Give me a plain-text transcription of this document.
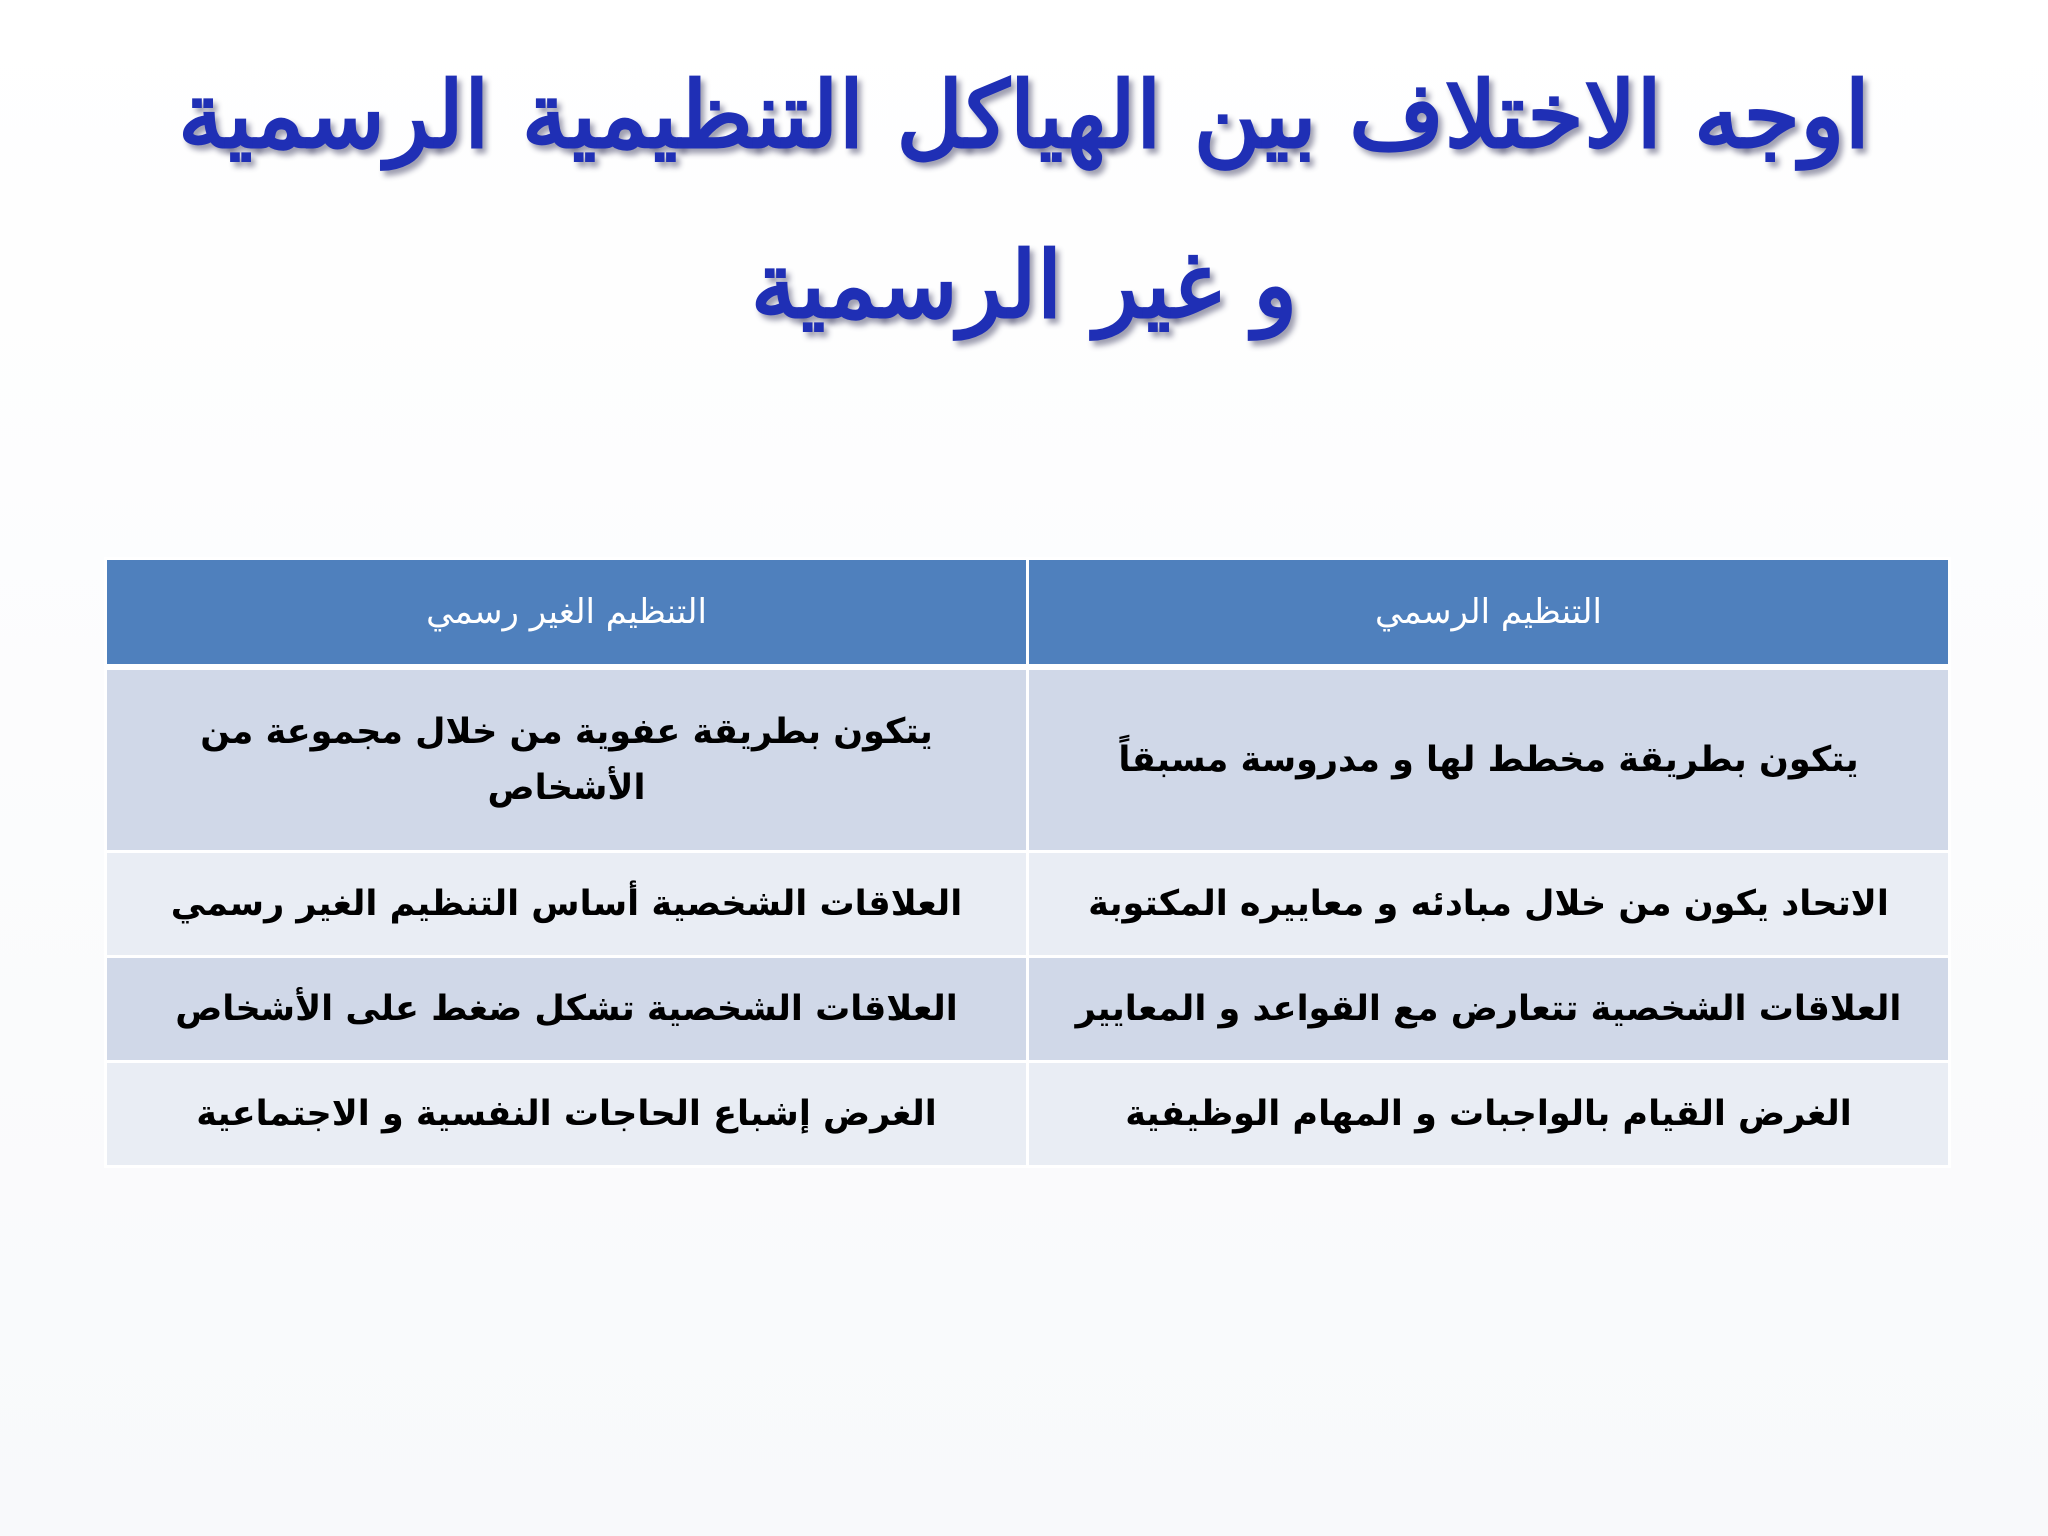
اوجه الاختلاف بين الهياكل التنظيمية الرسمية
و غير الرسمية
التنظيم الرسمي	التنظيم الغير رسمي
يتكون بطريقة مخطط لها و مدروسة مسبقاً	يتكون بطريقة عفوية من خلال مجموعة من الأشخاص
الاتحاد يكون من خلال مبادئه و معاييره المكتوبة	العلاقات الشخصية أساس التنظيم الغير رسمي
العلاقات الشخصية تتعارض مع القواعد و المعايير	العلاقات الشخصية تشكل ضغط على الأشخاص
الغرض القيام بالواجبات و المهام الوظيفية	الغرض إشباع الحاجات النفسية و الاجتماعية
